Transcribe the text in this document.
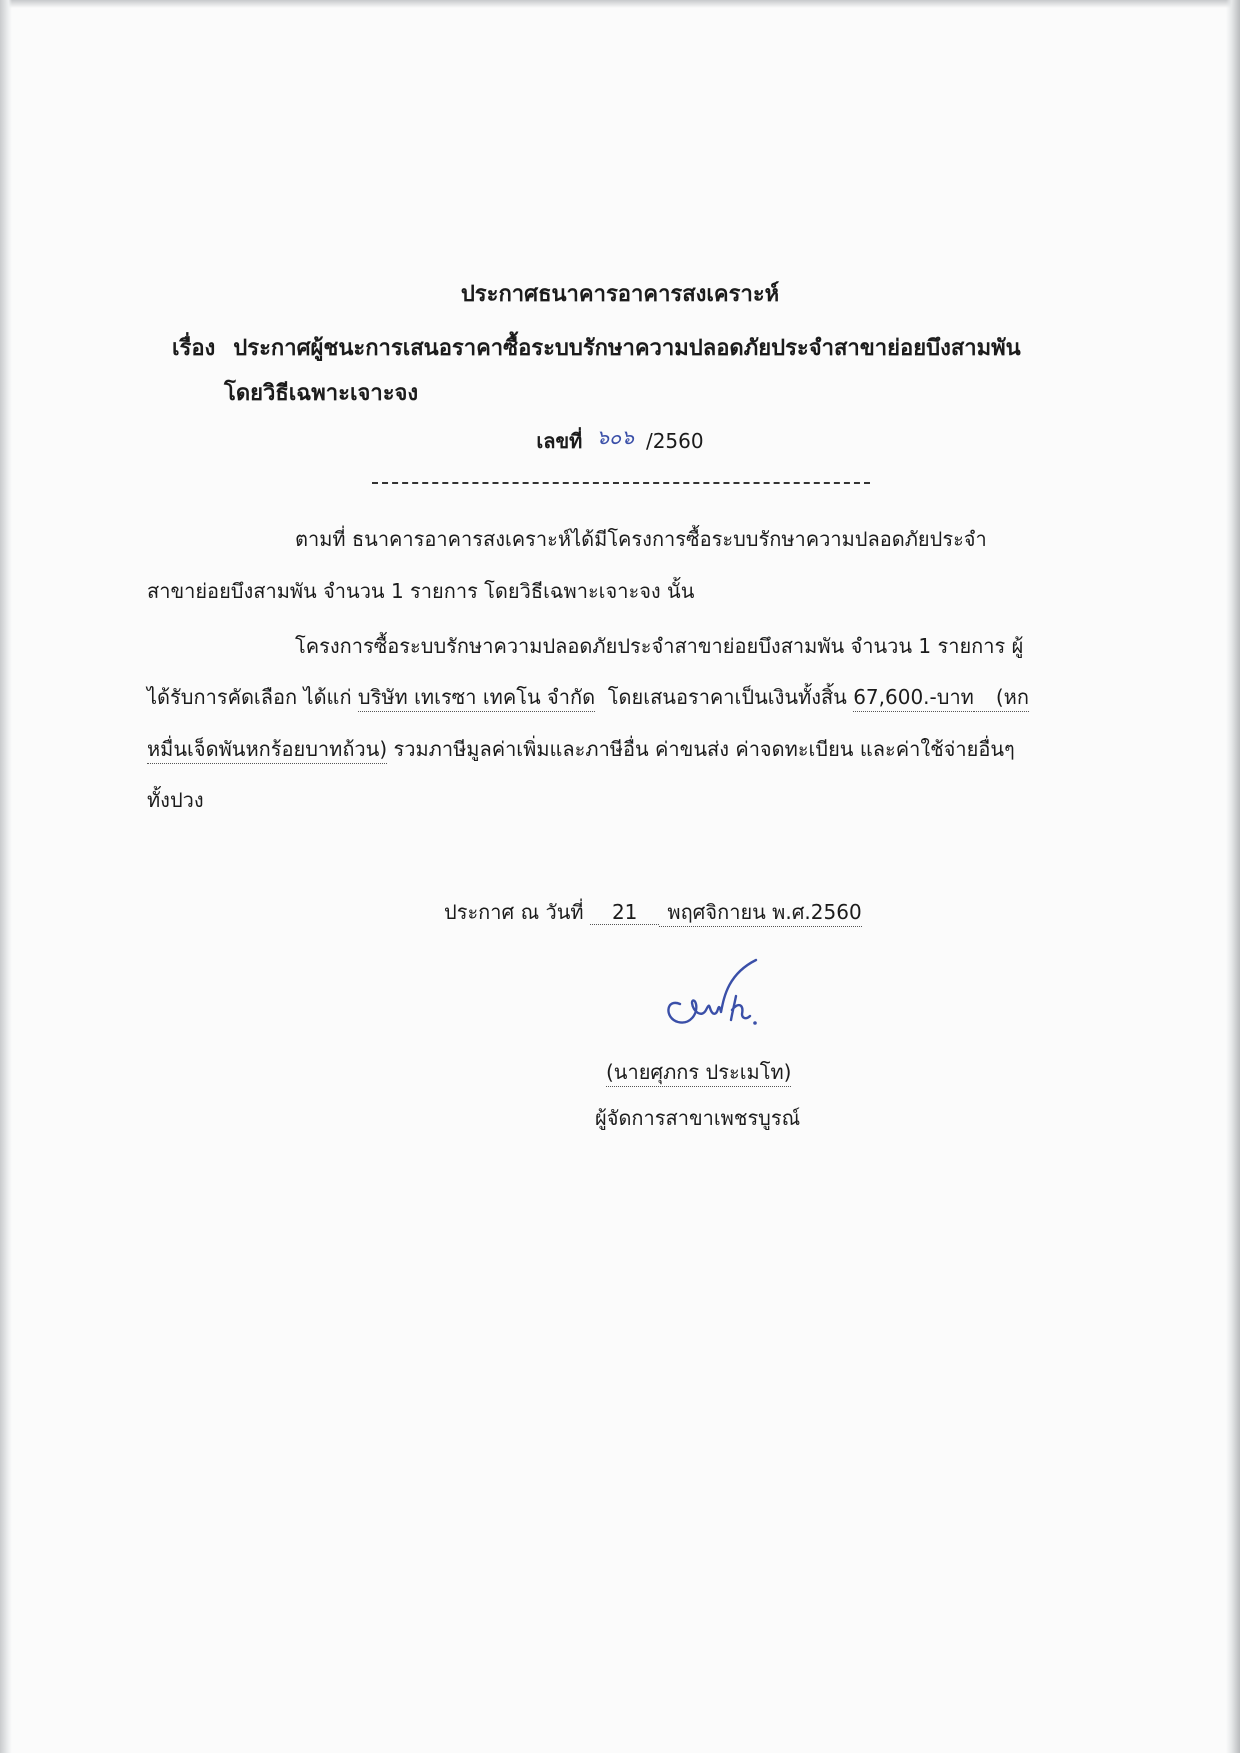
ประกาศธนาคารอาคารสงเคราะห์
เรื่อง ประกาศผู้ชนะการเสนอราคาซื้อระบบรักษาความปลอดภัยประจำสาขาย่อยบึงสามพัน
โดยวิธีเฉพาะเจาะจง
เลขที่ ๖๐๖ /2560
ตามที่ ธนาคารอาคารสงเคราะห์ได้มีโครงการซื้อระบบรักษาความปลอดภัยประจำ
สาขาย่อยบึงสามพัน จำนวน 1 รายการ โดยวิธีเฉพาะเจาะจง นั้น
โครงการซื้อระบบรักษาความปลอดภัยประจำสาขาย่อยบึงสามพัน จำนวน 1 รายการ ผู้
ได้รับการคัดเลือก ได้แก่ บริษัท เทเรซา เทคโน จำกัด โดยเสนอราคาเป็นเงินทั้งสิ้น 67,600.-บาท (หก
หมื่นเจ็ดพันหกร้อยบาทถ้วน) รวมภาษีมูลค่าเพิ่มและภาษีอื่น ค่าขนส่ง ค่าจดทะเบียน และค่าใช้จ่ายอื่นๆ
ทั้งปวง
ประกาศ ณ วันที่ 21 พฤศจิกายน พ.ศ.2560
(นายศุภกร ประเมโท)
ผู้จัดการสาขาเพชรบูรณ์
